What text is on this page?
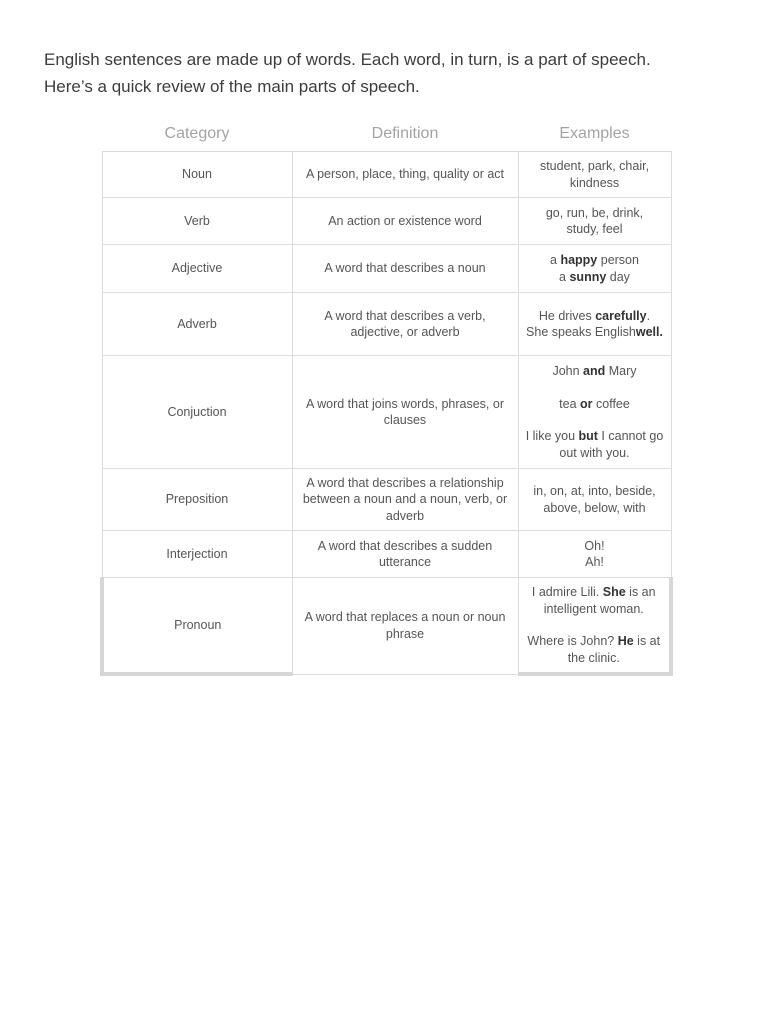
English sentences are made up of words. Each word, in turn, is a part of speech.

Here’s a quick review of the main parts of speech.

Category	Definition	Examples
Noun	A person, place, thing, quality or act	student, park, chair,
kindness

Verb	An action or existence word	go, run, be, drink,
study, feel

Adjective	A word that describes a noun	a happy person
a sunny day

Adverb	A word that describes a verb, adjective, or adverb	He drives carefully.
She speaks Englishwell.

Conjuction	A word that joins words, phrases, or clauses	John and Mary
tea or coffee
I like you but I cannot go out with you.

Preposition	A word that describes a relationship between a noun and a noun, verb, or adverb	in, on, at, into, beside,
above, below, with

Interjection	A word that describes a sudden utterance	Oh!
Ah!

Pronoun	A word that replaces a noun or noun phrase	I admire Lili. She is an intelligent woman.
Where is John? He is at the clinic.
